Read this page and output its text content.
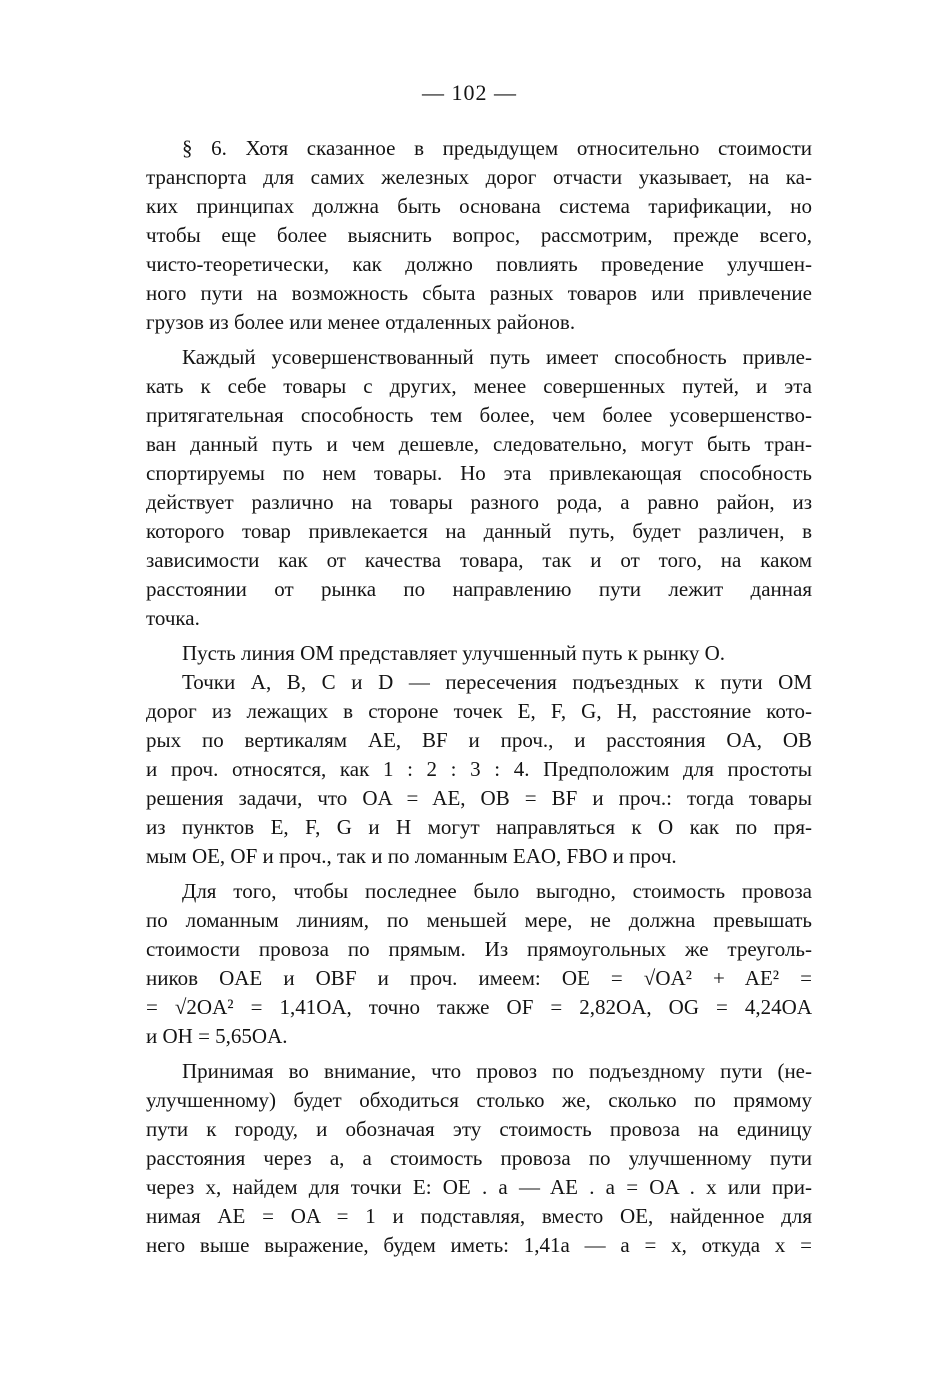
— 102 —
§ 6. Хотя сказанное в предыдущем относительно стоимости
транспорта для самих железных дорог отчасти указывает, на ка-
ких принципах должна быть основана система тарификации, но
чтобы еще более выяснить вопрос, рассмотрим, прежде всего,
чисто-теоретически, как должно повлиять проведение улучшен-
ного пути на возможность сбыта разных товаров или привлечение
грузов из более или менее отдаленных районов.
Каждый усовершенствованный путь имеет способность привле-
кать к себе товары с других, менее совершенных путей, и эта
притягательная способность тем более, чем более усовершенство-
ван данный путь и чем дешевле, следовательно, могут быть тран-
спортируемы по нем товары. Но эта привлекающая способность
действует различно на товары разного рода, а равно район, из
которого товар привлекается на данный путь, будет различен, в
зависимости как от качества товара, так и от того, на каком
расстоянии от рынка по направлению пути лежит данная
точка.
Пусть линия OM представляет улучшенный путь к рынку O.
Точки A, B, C и D — пересечения подъездных к пути OM
дорог из лежащих в стороне точек E, F, G, H, расстояние кото-
рых по вертикалям AE, BF и проч., и расстояния OA, OB
и проч. относятся, как 1 : 2 : 3 : 4. Предположим для простоты
решения задачи, что OA = AE, OB = BF и проч.: тогда товары
из пунктов E, F, G и H могут направляться к O как по пря-
мым OE, OF и проч., так и по ломанным EAO, FBO и проч.
Для того, чтобы последнее было выгодно, стоимость провоза
по ломанным линиям, по меньшей мере, не должна превышать
стоимости провоза по прямым. Из прямоугольных же треуголь-
ников OAE и OBF и проч. имеем: OE = √OA² + AE² =
= √2OA² = 1,41OA, точно также OF = 2,82OA, OG = 4,24OA
и OH = 5,65OA.
Принимая во внимание, что провоз по подъездному пути (не-
улучшенному) будет обходиться столько же, сколько по прямому
пути к городу, и обозначая эту стоимость провоза на единицу
расстояния через a, а стоимость провоза по улучшенному пути
через x, найдем для точки E: OE . a — AE . a = OA . x или при-
нимая AE = OA = 1 и подставляя, вместо OE, найденное для
него выше выражение, будем иметь: 1,41a — a = x, откуда x =
